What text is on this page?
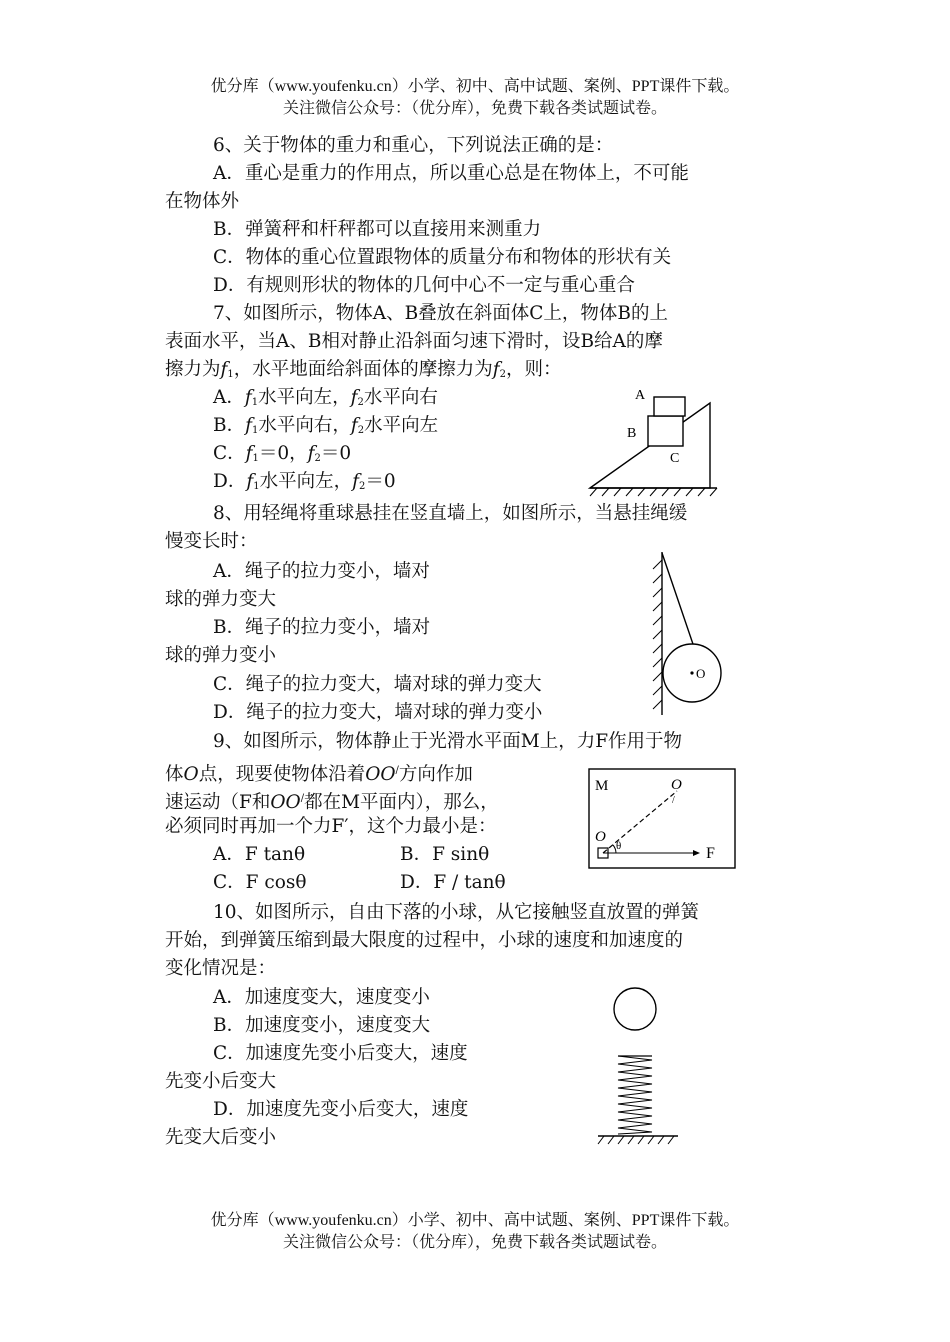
优分库（www.youfenku.cn）小学、初中、高中试题、案例、PPT课件下载。
关注微信公众号：（优分库），免费下载各类试题试卷。
6、关于物体的重力和重心，下列说法正确的是：
A．重心是重力的作用点，所以重心总是在物体上，不可能
在物体外
B．弹簧秤和杆秤都可以直接用来测重力
C．物体的重心位置跟物体的质量分布和物体的形状有关
D．有规则形状的物体的几何中心不一定与重心重合
7、如图所示，物体A、B叠放在斜面体C上，物体B的上
表面水平，当A、B相对静止沿斜面匀速下滑时，设B给A的摩
擦力为$f_1$，水平地面给斜面体的摩擦力为$f_2$，则：
A．$f_1$水平向左，$f_2$水平向右
B．$f_1$水平向右，$f_2$水平向左
C．$f_1=0$，$f_2=0$
D．$f_1$水平向左，$f_2=0$
A
B
C
8、用轻绳将重球悬挂在竖直墙上，如图所示，当悬挂绳缓
慢变长时：
A．绳子的拉力变小，墙对
球的弹力变大
B．绳子的拉力变小，墙对
球的弹力变小
C．绳子的拉力变大，墙对球的弹力变大
D．绳子的拉力变大，墙对球的弹力变小
O
9、如图所示，物体静止于光滑水平面M上，力F作用于物
体O点，现要使物体沿着OO/方向作加
速运动（F和OO/都在M平面内），那么，
必须同时再加一个力F′，这个力最小是：
A．F tanθ	B．F sinθ
C．F cosθ	D．F / tanθ
M
O
O
/
θ	F
10、如图所示，自由下落的小球，从它接触竖直放置的弹簧
开始，到弹簧压缩到最大限度的过程中，小球的速度和加速度的
变化情况是：
A．加速度变大，速度变小
B．加速度变小，速度变大
C．加速度先变小后变大，速度
先变小后变大
D．加速度先变小后变大，速度
先变大后变小
优分库（www.youfenku.cn）小学、初中、高中试题、案例、PPT课件下载。
关注微信公众号：（优分库），免费下载各类试题试卷。
